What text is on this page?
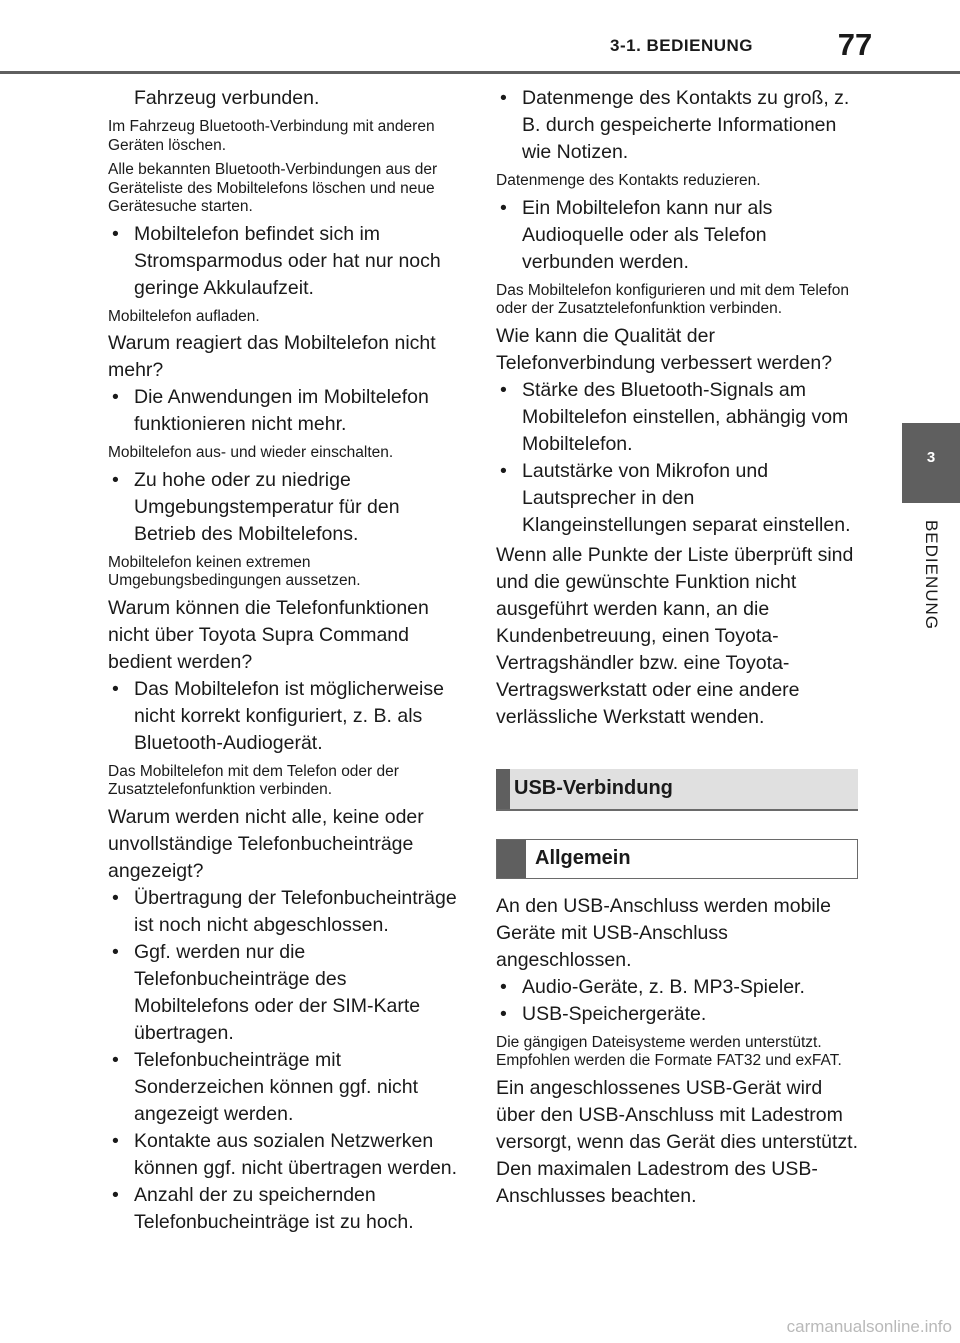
3-1. BEDIENUNG	77
3
BEDIENUNG

Fahrzeug verbunden.

Im Fahrzeug Bluetooth-Verbindung mit anderen Geräten löschen.

Alle bekannten Bluetooth-Verbindungen aus der Geräteliste des Mobiltelefons löschen und neue Gerätesuche starten.

• Mobiltelefon befindet sich im Stromsparmodus oder hat nur noch geringe Akkulaufzeit.

Mobiltelefon aufladen.

Warum reagiert das Mobiltelefon nicht mehr?

• Die Anwendungen im Mobiltelefon funktionieren nicht mehr.

Mobiltelefon aus- und wieder einschalten.

• Zu hohe oder zu niedrige Umgebungstemperatur für den Betrieb des Mobiltelefons.

Mobiltelefon keinen extremen Umgebungsbedingungen aussetzen.

Warum können die Telefonfunktionen nicht über Toyota Supra Command bedient werden?

• Das Mobiltelefon ist möglicherweise nicht korrekt konfiguriert, z. B. als Bluetooth-Audiogerät.

Das Mobiltelefon mit dem Telefon oder der Zusatztelefonfunktion verbinden.

Warum werden nicht alle, keine oder unvollständige Telefonbucheinträge angezeigt?

• Übertragung der Telefonbucheinträge ist noch nicht abgeschlossen.
• Ggf. werden nur die Telefonbucheinträge des Mobiltelefons oder der SIM-Karte übertragen.
• Telefonbucheinträge mit Sonderzeichen können ggf. nicht angezeigt werden.
• Kontakte aus sozialen Netzwerken können ggf. nicht übertragen werden.
• Anzahl der zu speichernden Telefonbucheinträge ist zu hoch.
• Datenmenge des Kontakts zu groß, z. B. durch gespeicherte Informationen wie Notizen.

Datenmenge des Kontakts reduzieren.

• Ein Mobiltelefon kann nur als Audioquelle oder als Telefon verbunden werden.

Das Mobiltelefon konfigurieren und mit dem Telefon oder der Zusatztelefonfunktion verbinden.

Wie kann die Qualität der Telefonverbindung verbessert werden?

• Stärke des Bluetooth-Signals am Mobiltelefon einstellen, abhängig vom Mobiltelefon.
• Lautstärke von Mikrofon und Lautsprecher in den Klangeinstellungen separat einstellen.

Wenn alle Punkte der Liste überprüft sind und die gewünschte Funktion nicht ausgeführt werden kann, an die Kundenbetreuung, einen Toyota-Vertragshändler bzw. eine Toyota-Vertragswerkstatt oder eine andere verlässliche Werkstatt wenden.

USB-Verbindung
Allgemein

An den USB-Anschluss werden mobile Geräte mit USB-Anschluss angeschlossen.

• Audio-Geräte, z. B. MP3-Spieler.
• USB-Speichergeräte.

Die gängigen Dateisysteme werden unterstützt. Empfohlen werden die Formate FAT32 und exFAT.

Ein angeschlossenes USB-Gerät wird über den USB-Anschluss mit Ladestrom versorgt, wenn das Gerät dies unterstützt. Den maximalen Ladestrom des USB-Anschlusses beachten.

carmanualsonline.info
